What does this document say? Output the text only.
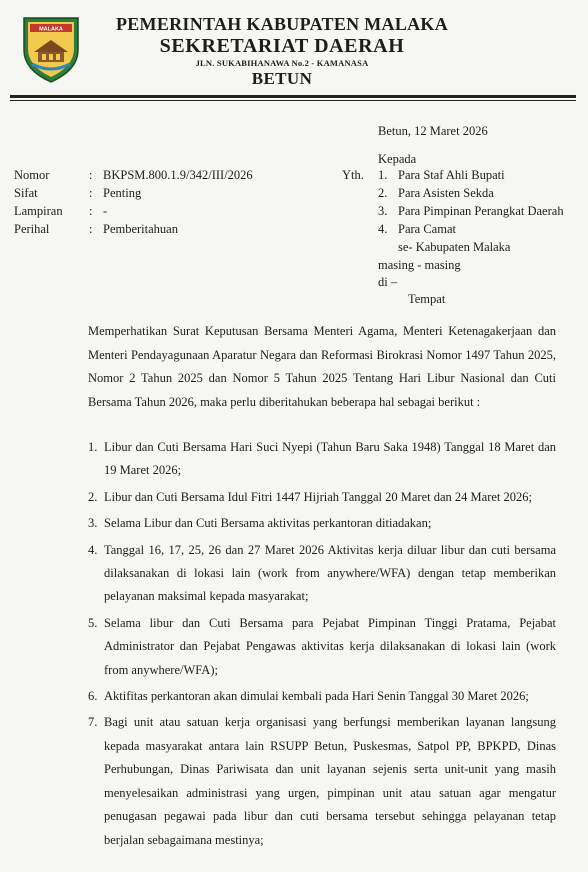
MALAKA	PEMERINTAH KABUPATEN MALAKA
SEKRETARIAT DAERAH
JLN. SUKABIHANAWA No.2 - KAMANASA
BETUN
Betun, 12 Maret 2026
Kepada
Yth. 1. Para Staf Ahli Bupati
2. Para Asisten Sekda
3. Para Pimpinan Perangkat Daerah
4. Para Camat
se- Kabupaten Malaka
masing - masing
di –
Tempat
Nomor	: BKPSM.800.1.9/342/III/2026
Sifat	: Penting
Lampiran	: -
Perihal	: Pemberitahuan
Memperhatikan Surat Keputusan Bersama Menteri Agama, Menteri Ketenagakerjaan dan Menteri Pendayagunaan Aparatur Negara dan Reformasi Birokrasi Nomor 1497 Tahun 2025, Nomor 2 Tahun 2025 dan Nomor 5 Tahun 2025 Tentang Hari Libur Nasional dan Cuti Bersama Tahun 2026, maka perlu diberitahukan beberapa hal sebagai berikut :
1. Libur dan Cuti Bersama Hari Suci Nyepi (Tahun Baru Saka 1948) Tanggal 18 Maret dan 19 Maret 2026;
2. Libur dan Cuti Bersama Idul Fitri 1447 Hijriah Tanggal 20 Maret dan 24 Maret 2026;
3. Selama Libur dan Cuti Bersama aktivitas perkantoran ditiadakan;
4. Tanggal 16, 17, 25, 26 dan 27 Maret 2026 Aktivitas kerja diluar libur dan cuti bersama dilaksanakan di lokasi lain (work from anywhere/WFA) dengan tetap memberikan pelayanan maksimal kepada masyarakat;
5. Selama libur dan Cuti Bersama para Pejabat Pimpinan Tinggi Pratama, Pejabat Administrator dan Pejabat Pengawas aktivitas kerja dilaksanakan di lokasi lain (work from anywhere/WFA);
6. Aktifitas perkantoran akan dimulai kembali pada Hari Senin Tanggal 30 Maret 2026;
7. Bagi unit atau satuan kerja organisasi yang berfungsi memberikan layanan langsung kepada masyarakat antara lain RSUPP Betun, Puskesmas, Satpol PP, BPKPD, Dinas Perhubungan, Dinas Pariwisata dan unit layanan sejenis serta unit-unit yang masih menyelesaikan administrasi yang urgen, pimpinan unit atau satuan agar mengatur penugasan pegawai pada libur dan cuti bersama tersebut sehingga pelayanan tetap berjalan sebagaimana mestinya;
